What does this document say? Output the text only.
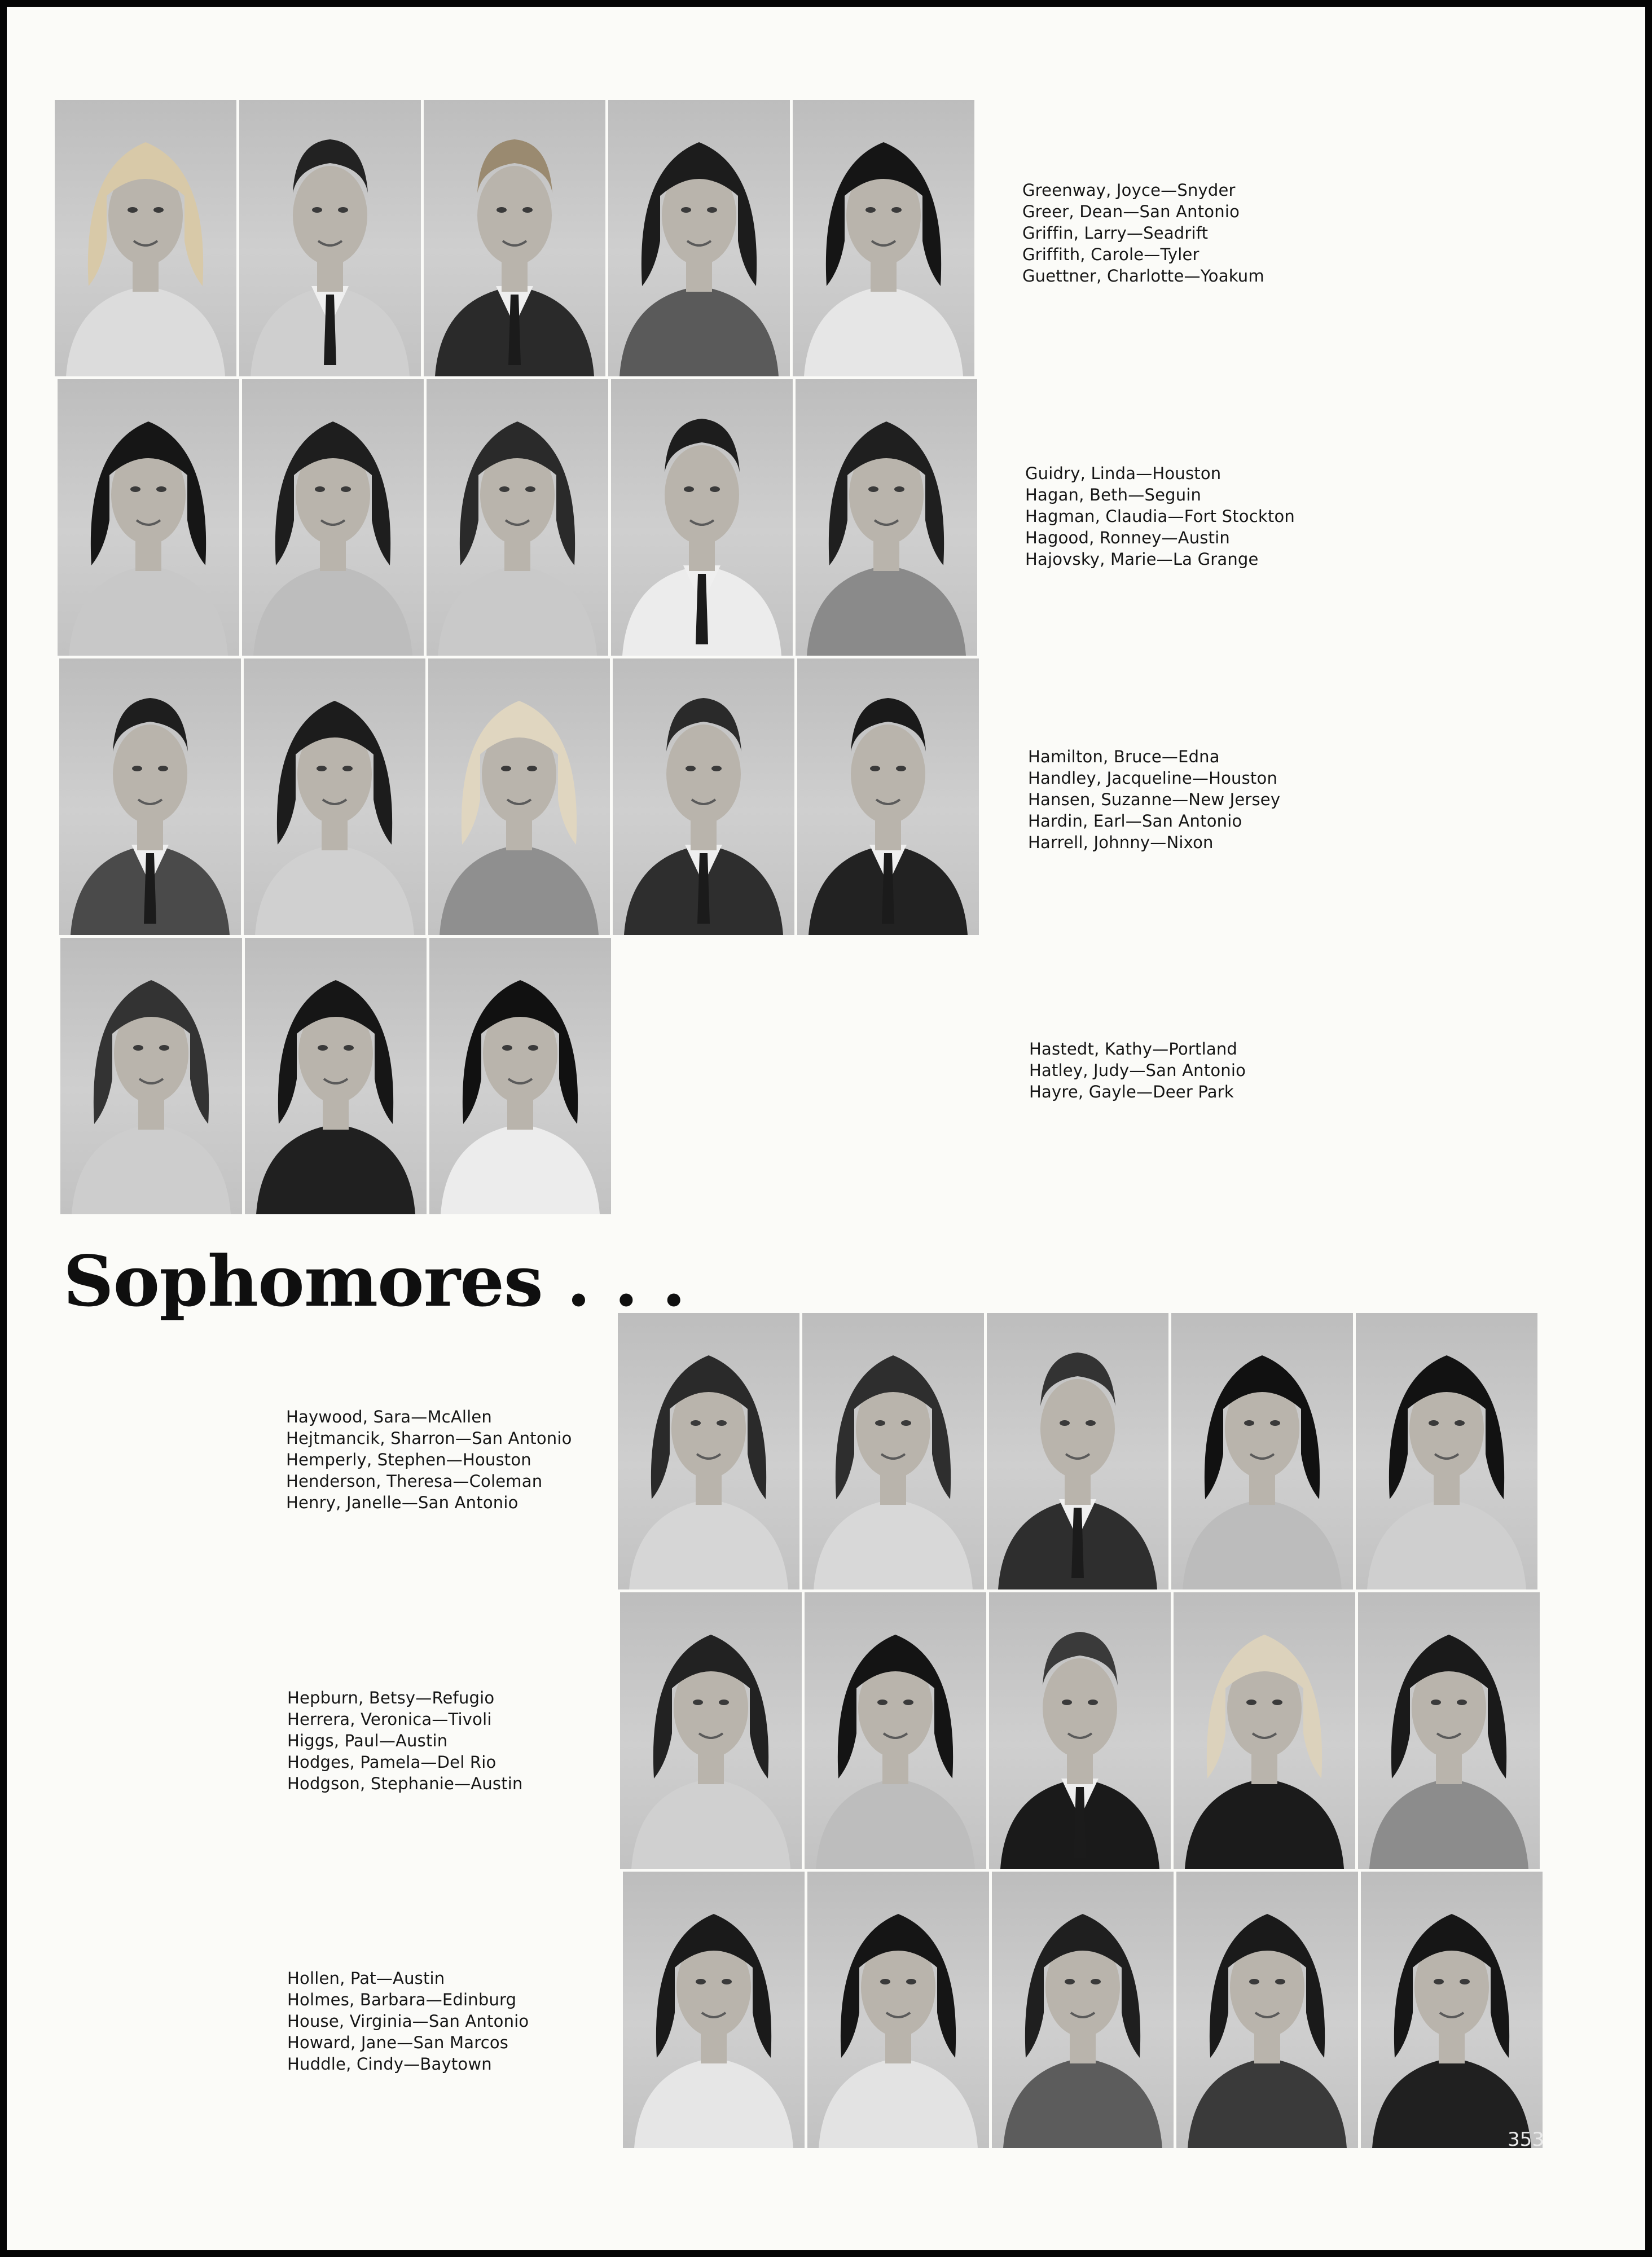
Greenway, Joyce—Snyder
Greer, Dean—San Antonio
Griffin, Larry—Seadrift
Griffith, Carole—Tyler
Guettner, Charlotte—Yoakum
Guidry, Linda—Houston
Hagan, Beth—Seguin
Hagman, Claudia—Fort Stockton
Hagood, Ronney—Austin
Hajovsky, Marie—La Grange
Hamilton, Bruce—Edna
Handley, Jacqueline—Houston
Hansen, Suzanne—New Jersey
Hardin, Earl—San Antonio
Harrell, Johnny—Nixon
Hastedt, Kathy—Portland
Hatley, Judy—San Antonio
Hayre, Gayle—Deer Park
Sophomores . . .
Haywood, Sara—McAllen
Hejtmancik, Sharron—San Antonio
Hemperly, Stephen—Houston
Henderson, Theresa—Coleman
Henry, Janelle—San Antonio
Hepburn, Betsy—Refugio
Herrera, Veronica—Tivoli
Higgs, Paul—Austin
Hodges, Pamela—Del Rio
Hodgson, Stephanie—Austin
Hollen, Pat—Austin
Holmes, Barbara—Edinburg
House, Virginia—San Antonio
Howard, Jane—San Marcos
Huddle, Cindy—Baytown
353
